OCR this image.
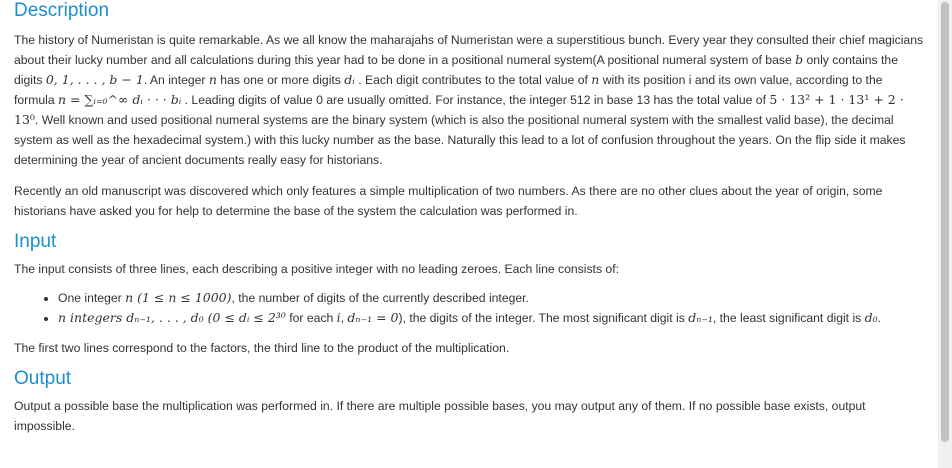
Description

The history of Numeristan is quite remarkable. As we all know the maharajahs of Numeristan were a superstitious bunch. Every year they consulted their chief magicians about their lucky number and all calculations during this year had to be done in a positional numeral system(A positional numeral system of base b only contains the digits 0, 1, . . . , b − 1. An integer n has one or more digits dᵢ . Each digit contributes to the total value of n with its position i and its own value, according to the formula n = ∑ᵢ₌₀^∞ dᵢ · · · bᵢ . Leading digits of value 0 are usually omitted. For instance, the integer 512 in base 13 has the total value of 5 · 13² + 1 · 13¹ + 2 · 13⁰. Well known and used positional numeral systems are the binary system (which is also the positional numeral system with the smallest valid base), the decimal system as well as the hexadecimal system.) with this lucky number as the base. Naturally this lead to a lot of confusion throughout the years. On the flip side it makes determining the year of ancient documents really easy for historians.

Recently an old manuscript was discovered which only features a simple multiplication of two numbers. As there are no other clues about the year of origin, some historians have asked you for help to determine the base of the system the calculation was performed in.

Input

The input consists of three lines, each describing a positive integer with no leading zeroes. Each line consists of:

• One integer n (1 ≤ n ≤ 1000), the number of digits of the currently described integer.
• n integers dₙ₋₁, . . . , d₀ (0 ≤ dᵢ ≤ 2³⁰ for each i, dₙ₋₁ = 0), the digits of the integer. The most significant digit is dₙ₋₁, the least significant digit is d₀.

The first two lines correspond to the factors, the third line to the product of the multiplication.

Output

Output a possible base the multiplication was performed in. If there are multiple possible bases, you may output any of them. If no possible base exists, output impossible.
